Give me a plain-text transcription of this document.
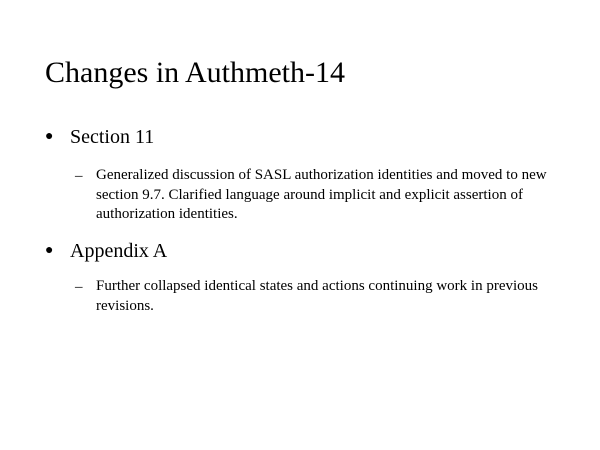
Changes in Authmeth-14
● Section 11
– Generalized discussion of SASL authorization identities and moved to new section 9.7. Clarified language around implicit and explicit assertion of authorization identities.
● Appendix A
– Further collapsed identical states and actions continuing work in previous revisions.
